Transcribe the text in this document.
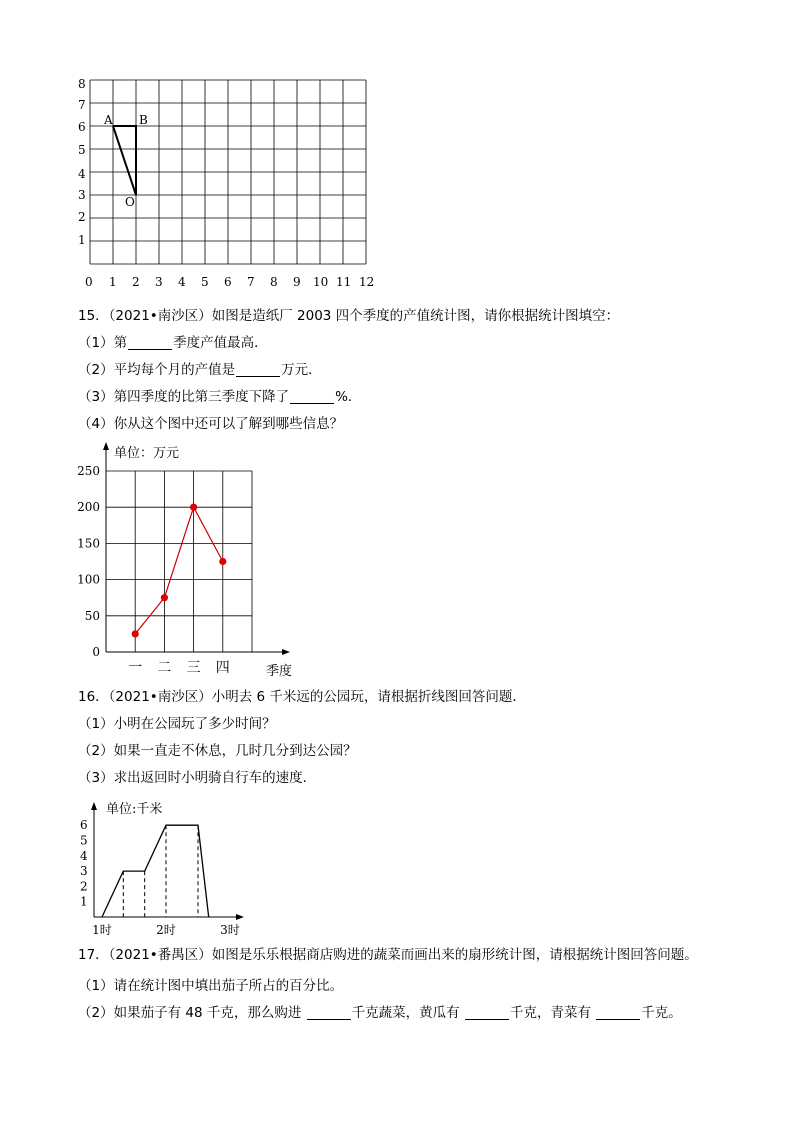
8
7
6
5
4
3
2
1
0 1 2 3 4 5 6 7 8 9 10 11 12
A B
O
15．（2021•南沙区）如图是造纸厂 2003 四个季度的产值统计图，请你根据统计图填空：
（1）第	季度产值最高．
（2）平均每个月的产值是	万元．
（3）第四季度的比第三季度下降了	%．
（4）你从这个图中还可以了解到哪些信息？
0
50
100
150
200
250
单位：万元
季度
一 二 三 四
16．（2021•南沙区）小明去 6 千米远的公园玩，请根据折线图回答问题．
（1）小明在公园玩了多少时间？
（2）如果一直走不休息，几时几分到达公园？
（3）求出返回时小明骑自行车的速度．
单位:千米
1
2
3
4
5
6
1时	2时	3时
17．（2021•番禺区）如图是乐乐根据商店购进的蔬菜而画出来的扇形统计图，请根据统计图回答问题。
（1）请在统计图中填出茄子所占的百分比。
（2）如果茄子有 48 千克，那么购进	千克蔬菜，黄瓜有	千克，青菜有	千克。
